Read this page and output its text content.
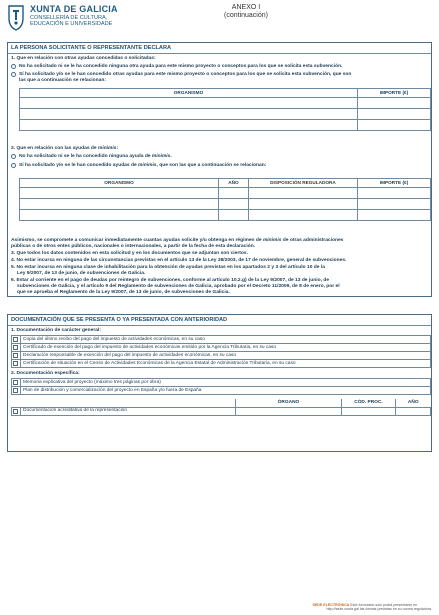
XUNTA DE GALICIA
CONSELLERÍA DE CULTURA,
EDUCACIÓN E UNIVERSIDADE
ANEXO I
(continuación)
LA PERSONA SOLICITANTE O REPRESENTANTE DECLARA
1. Que en relación con otras ayudas concedidas o solicitadas:
No ha solicitado ni se le ha concedido ninguna otra ayuda para este mismo proyecto o conceptos para los que se solicita esta subvención.
Sí ha solicitado y/o se le han concedido otras ayudas para este mismo proyecto o conceptos para los que se solicita esta subvención, que son
las que a continuación se relacionan:
ORGANISMO	IMPORTE (€)

2. Que en relación con las ayudas de minimis:
No ha solicitado ni se le ha concedido ninguna ayuda de minimis.
Sí ha solicitado y/o se le han concedido ayudas de minimis, que son las que a continuación se relacionan:
ORGANISMO	AÑO	DISPOSICIÓN REGULADORA	IMPORTE (€)

Asimismo, se compromete a comunicar inmediatamente cuantas ayudas solicite y/u obtenga en régimen de minimis de otras administraciones
públicas o de otros entes públicos, nacionales o internacionales, a partir de la fecha de esta declaración.
3. Que todos los datos contenidos en esta solicitud y en los documentos que se adjuntan son ciertos.
4. No estar incursa en ninguna de las circunstancias previstas en el artículo 13 de la Ley 38/2003, de 17 de noviembre, general de subvenciones.
5. No estar incursa en ninguna clase de inhabilitación para la obtención de ayudas previstas en los apartados 2 y 3 del artículo 10 de la
Ley 9/2007, de 13 de junio, de subvenciones de Galicia.
6. Estar al corriente en el pago de deudas por reintegro de subvenciones, conforme al artículo 10.2.g) de la Ley 9/2007, de 13 de junio, de
subvenciones de Galicia, y el artículo 9 del Reglamento de subvenciones de Galicia, aprobado por el Decreto 11/2009, de 8 de enero, por el
que se aprueba el Reglamento de la Ley 9/2007, de 13 de junio, de subvenciones de Galicia.
DOCUMENTACIÓN QUE SE PRESENTA O YA PRESENTADA CON ANTERIORIDAD
1. Documentación de carácter general:
	Copia del último recibo del pago del impuesto de actividades económicas, en su caso

	Certificado de exención del pago del impuesto de actividades económicas emitido por la Agencia Tributaria, en su caso

	Declaración responsable de exención del pago del impuesto de actividades económicas, en su caso

	Certificación de situación en el Censo de Actividades Económicas de la Agencia Estatal de Administración Tributaria, en su caso
2. Documentación específica:
	Memoria explicativa del proyecto (máximo tres páginas por obra)

	Plan de distribución y comercialización del proyecto en España y/o fuera de España
		ÓRGANO	CÓD. PROC.	AÑO

	Documentación acreditativa de la representación			
SEDE ELECTRÓNICA Este formulario solo podrá presentarse en
http://sede.xunta.gal las formas previstas en su norma reguladora
